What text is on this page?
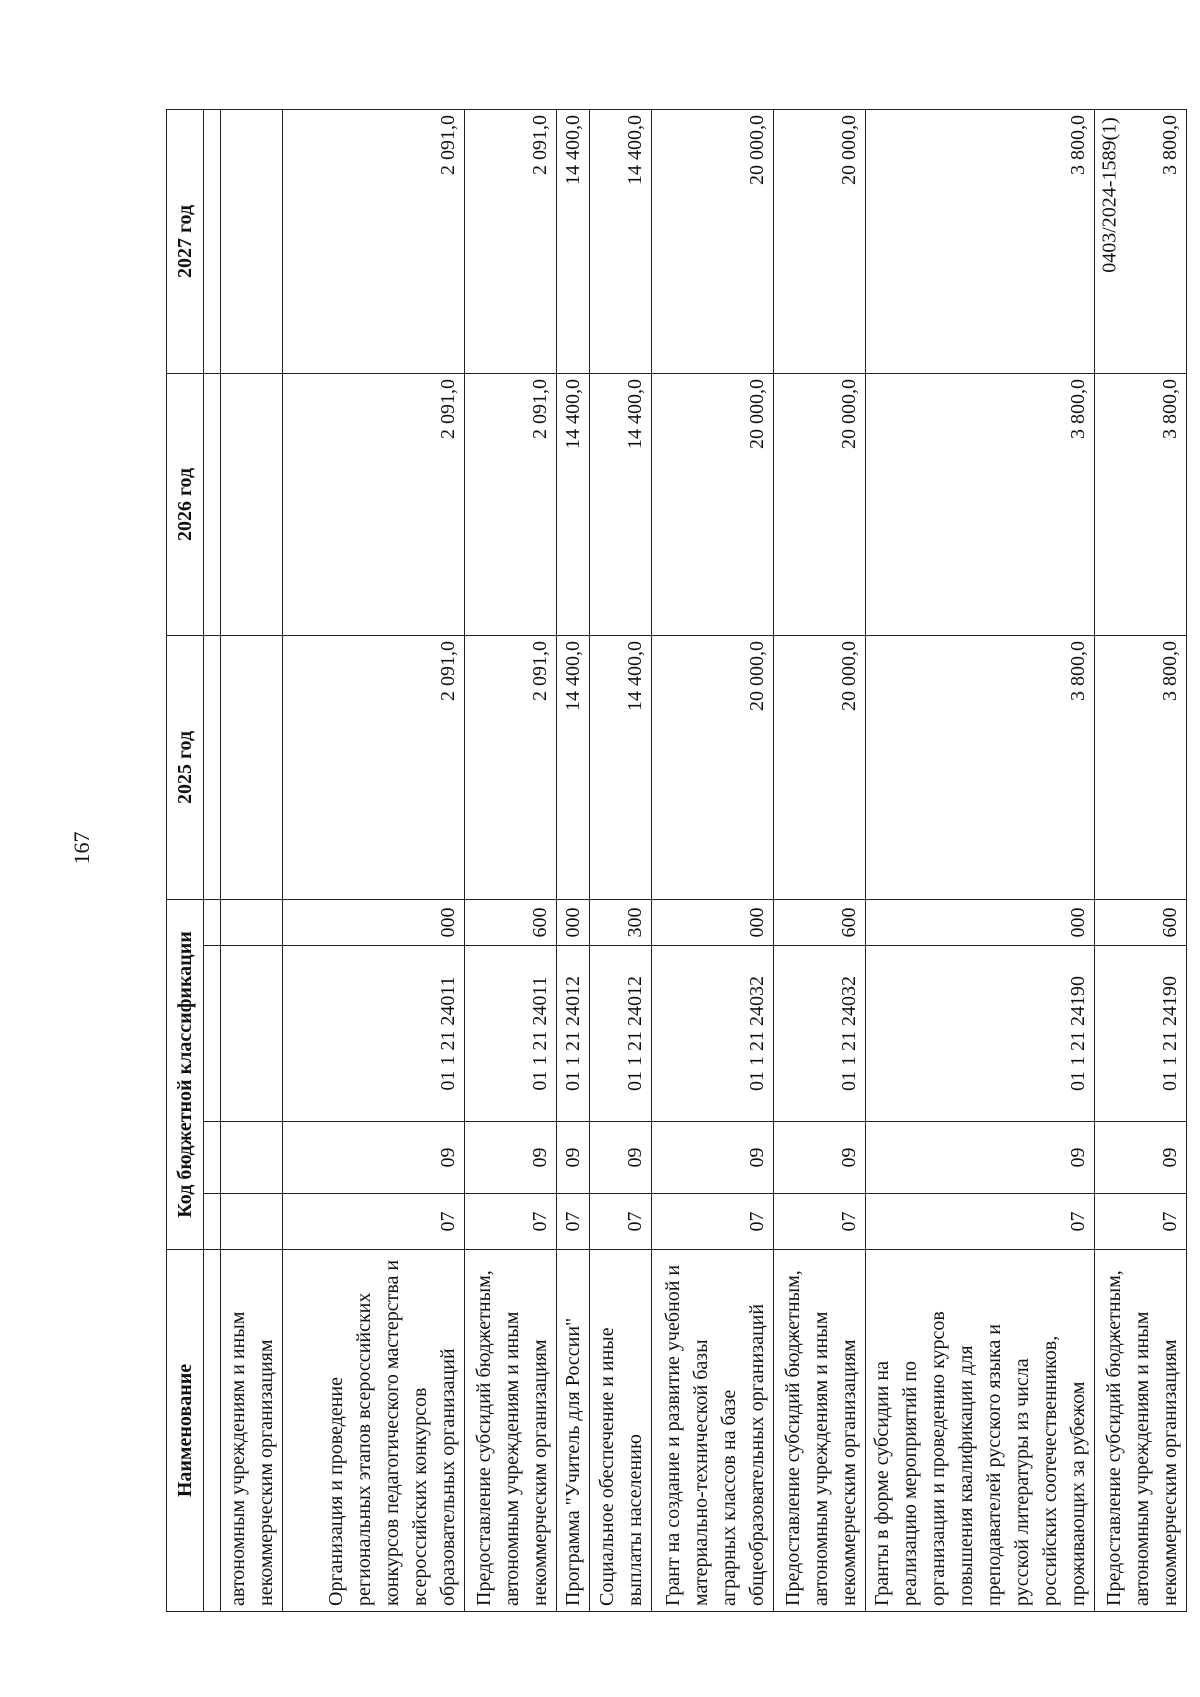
167
0403/2024-1589(1)
Наименование	Код бюджетной классификации				2025 год	2026 год	2027 год

автономным учреждениям и иным некоммерческим организациям							
Организация и проведение региональных этапов всероссийских конкурсов педагогического мастерства и всероссийских конкурсов образовательных организаций	07	09	01 1 21 24011	000	2 091,0	2 091,0	2 091,0
Предоставление субсидий бюджетным, автономным учреждениям и иным некоммерческим организациям	07	09	01 1 21 24011	600	2 091,0	2 091,0	2 091,0
Программа "Учитель для России"	07	09	01 1 21 24012	000	14 400,0	14 400,0	14 400,0
Социальное обеспечение и иные выплаты населению	07	09	01 1 21 24012	300	14 400,0	14 400,0	14 400,0
Грант на создание и развитие учебной и материально-технической базы аграрных классов на базе общеобразовательных организаций	07	09	01 1 21 24032	000	20 000,0	20 000,0	20 000,0
Предоставление субсидий бюджетным, автономным учреждениям и иным некоммерческим организациям	07	09	01 1 21 24032	600	20 000,0	20 000,0	20 000,0
Гранты в форме субсидии на реализацию мероприятий по организации и проведению курсов повышения квалификации для преподавателей русского языка и русской литературы из числа российских соотечественников, проживающих за рубежом	07	09	01 1 21 24190	000	3 800,0	3 800,0	3 800,0
Предоставление субсидий бюджетным, автономным учреждениям и иным некоммерческим организациям	07	09	01 1 21 24190	600	3 800,0	3 800,0	3 800,0
